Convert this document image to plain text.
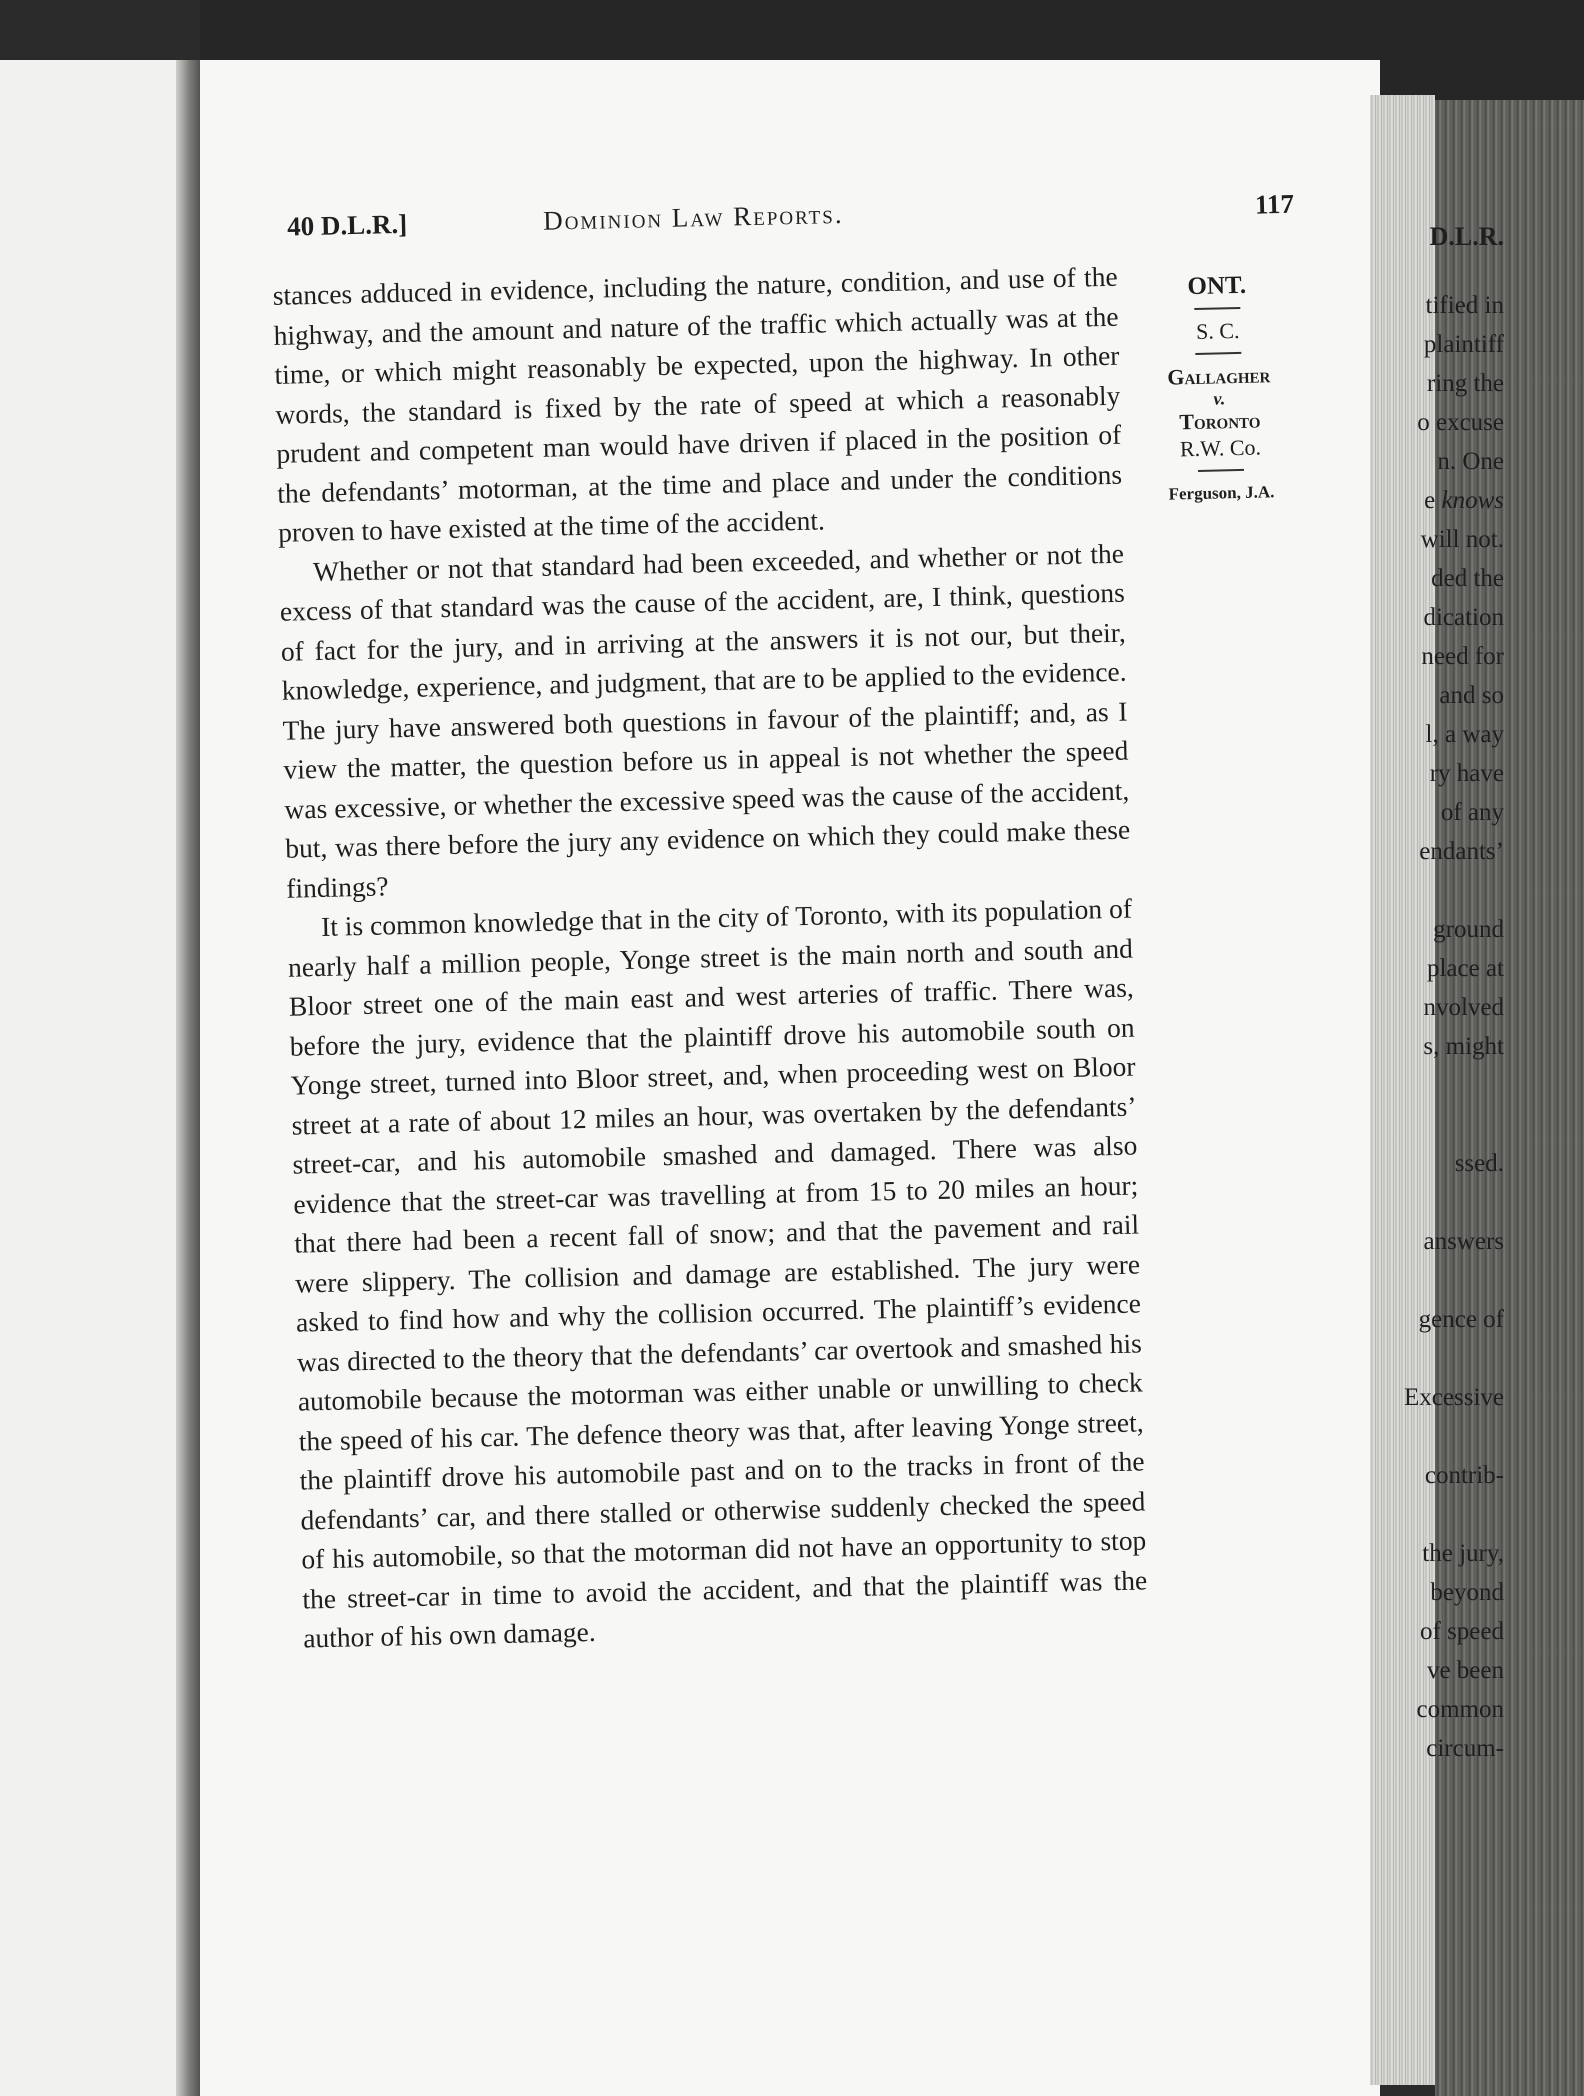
D.L.R.
tified in
plaintiff
ring the
o excuse
n. One
e knows
will not.
ded the
dication
need for
and so
l, a way
ry have
of any
endants’
ground
place at
nvolved
s, might
ssed.
answers
gence of
Excessive
contrib-
the jury,
beyond
of speed
ve been
common
circum-
40 D.L.R.]	Dominion Law Reports.	117

stances adduced in evidence, including the nature, condition, and use of the highway, and the amount and nature of the traffic which actually was at the time, or which might reasonably be expected, upon the highway. In other words, the standard is fixed by the rate of speed at which a reasonably prudent and competent man would have driven if placed in the position of the defendants’ motorman, at the time and place and under the conditions proven to have existed at the time of the accident.

Whether or not that standard had been exceeded, and whether or not the excess of that standard was the cause of the accident, are, I think, questions of fact for the jury, and in arriving at the answers it is not our, but their, knowledge, experience, and judgment, that are to be applied to the evidence. The jury have answered both questions in favour of the plaintiff; and, as I view the matter, the question before us in appeal is not whether the speed was excessive, or whether the excessive speed was the cause of the accident, but, was there before the jury any evidence on which they could make these findings?

It is common knowledge that in the city of Toronto, with its population of nearly half a million people, Yonge street is the main north and south and Bloor street one of the main east and west arteries of traffic. There was, before the jury, evidence that the plaintiff drove his automobile south on Yonge street, turned into Bloor street, and, when proceeding west on Bloor street at a rate of about 12 miles an hour, was overtaken by the defendants’ street-car, and his automobile smashed and damaged. There was also evidence that the street-car was travelling at from 15 to 20 miles an hour; that there had been a recent fall of snow; and that the pavement and rail were slippery. The collision and damage are established. The jury were asked to find how and why the collision occurred. The plaintiff’s evidence was directed to the theory that the defendants’ car overtook and smashed his automobile because the motorman was either unable or unwilling to check the speed of his car. The defence theory was that, after leaving Yonge street, the plaintiff drove his automobile past and on to the tracks in front of the defendants’ car, and there stalled or otherwise suddenly checked the speed of his automobile, so that the motorman did not have an opportunity to stop the street-car in time to avoid the accident, and that the plaintiff was the author of his own damage.

ONT.
S. C.
Gallagher
v.
Toronto
R.W. Co.
Ferguson, J.A.
